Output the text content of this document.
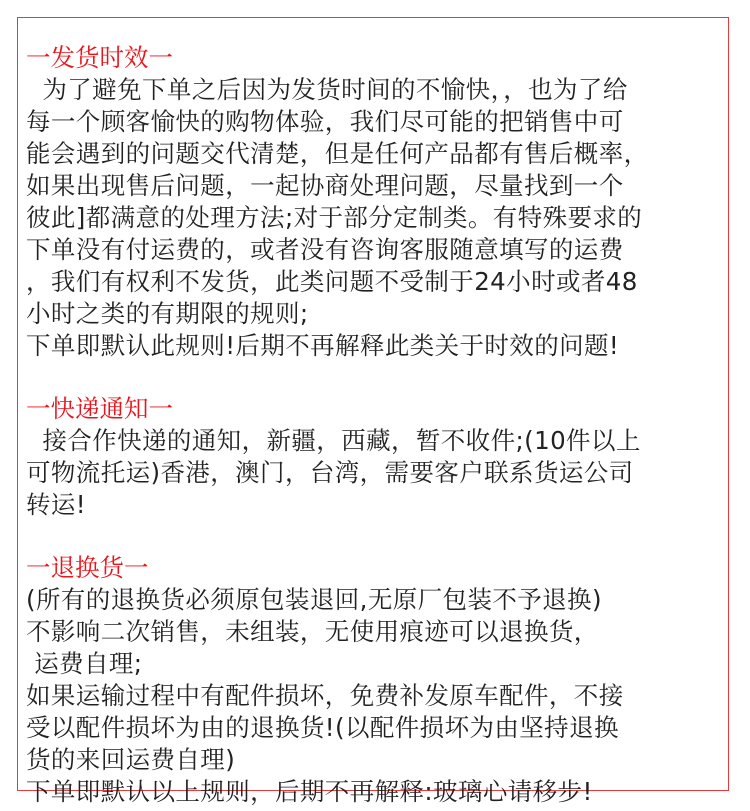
一发货时效一
为了避免下单之后因为发货时间的不愉快，，也为了给
每一个顾客愉快的购物体验，我们尽可能的把销售中可
能会遇到的问题交代清楚，但是任何产品都有售后概率，
如果出现售后问题，一起协商处理问题，尽量找到一个
彼此]都满意的处理方法;对于部分定制类。有特殊要求的
下单没有付运费的，或者没有咨询客服随意填写的运费
，我们有权利不发货，此类问题不受制于24小时或者48
小时之类的有期限的规则;
下单即默认此规则!后期不再解释此类关于时效的问题!
一快递通知一
接合作快递的通知，新疆，西藏，暂不收件;(10件以上
可物流托运)香港，澳门，台湾，需要客户联系货运公司
转运!
一退换货一
(所有的退换货必须原包装退回,无原厂包装不予退换)
不影响二次销售，未组装，无使用痕迹可以退换货，
运费自理;
如果运输过程中有配件损坏，免费补发原车配件，不接
受以配件损坏为由的退换货!(以配件损坏为由坚持退换
货的来回运费自理)
下单即默认以上规则，后期不再解释:玻璃心请移步!
